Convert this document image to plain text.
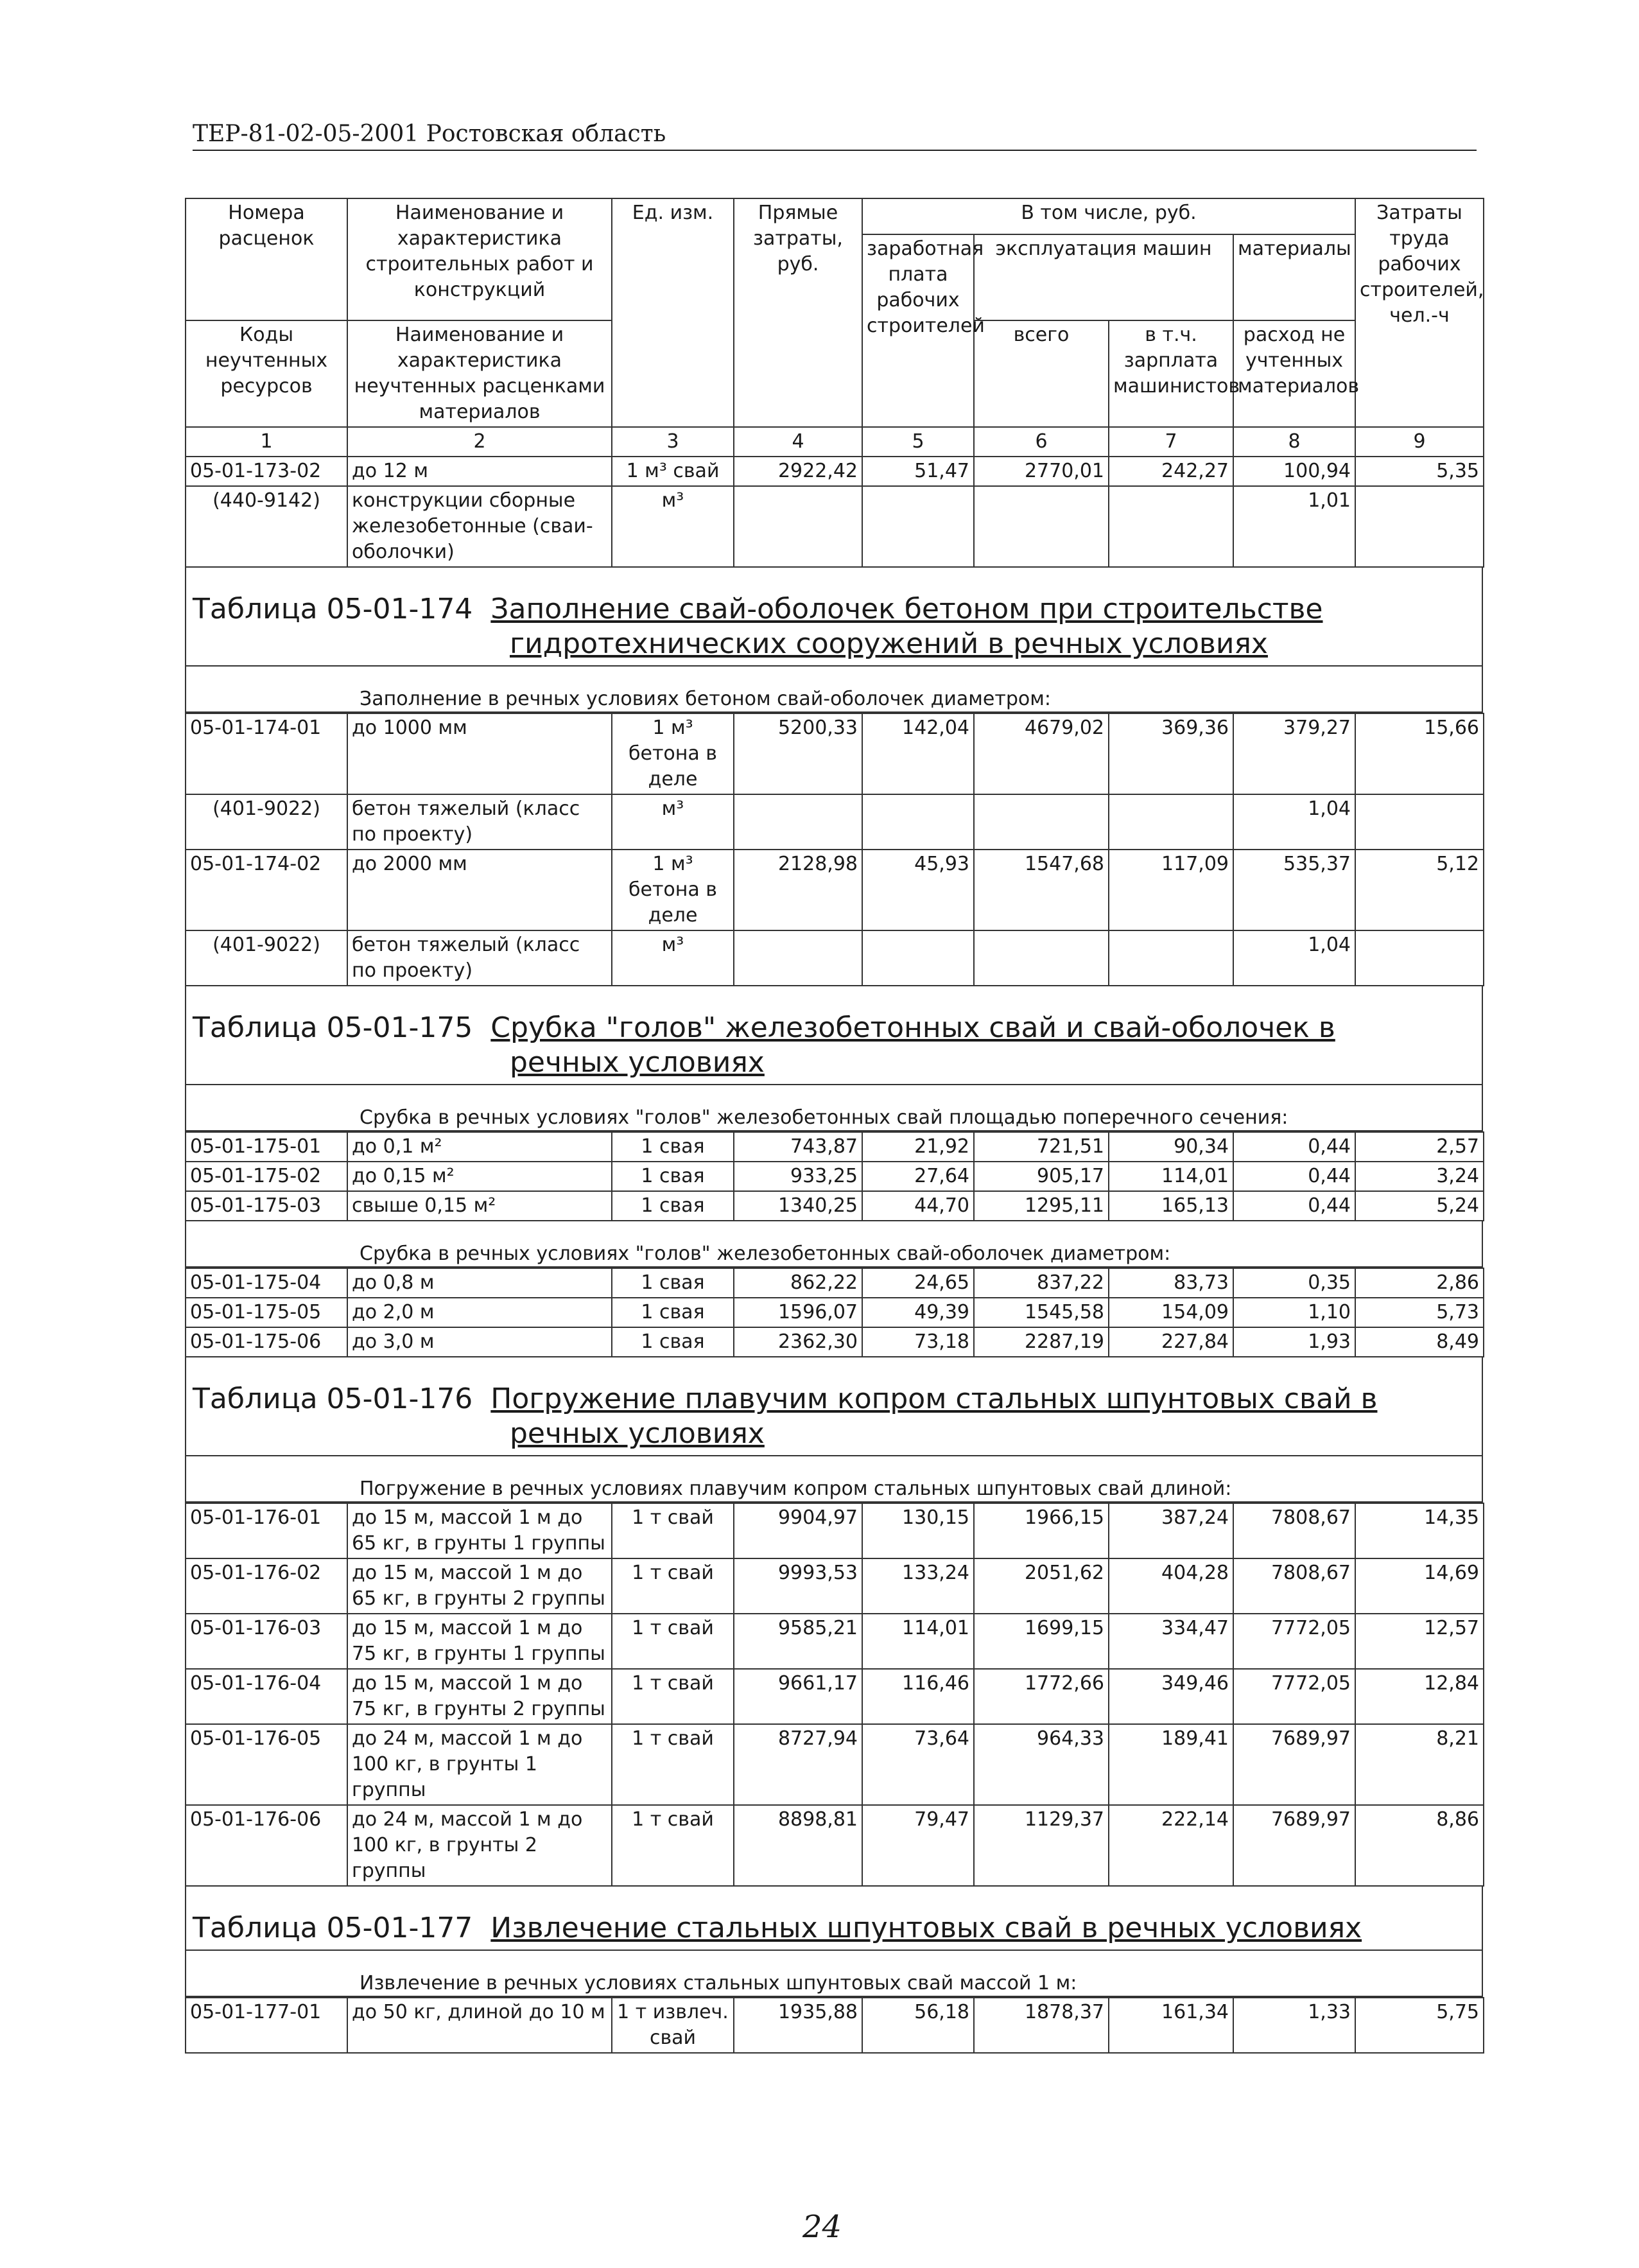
ТЕР-81-02-05-2001 Ростовская область
Номера расценок	Наименование и характеристика строительных работ и конструкций	Ед. изм.	Прямые затраты, руб.	В том числе, руб.				Затраты труда рабочих строителей, чел.-ч
				заработная плата рабочих строителей	эксплуатация машин		материалы	
Коды неучтенных ресурсов	Наименование и характеристика неучтенных расценками материалов				всего	в т.ч. зарплата машинистов	расход не учтенных материалов	

1	2	3	4	5	6	7	8	9
05-01-173-02	до 12 м	1 м³ свай	2922,42	51,47	2770,01	242,27	100,94	5,35
(440-9142)	конструкции сборные железобетонные (сваи-оболочки)	м³					1,01	
Таблица 05-01-174 Заполнение свай-оболочек бетоном при строительстве
гидротехнических сооружений в речных условиях
Заполнение в речных условиях бетоном свай-оболочек диаметром:
05-01-174-01	до 1000 мм	1 м³ бетона в деле	5200,33	142,04	4679,02	369,36	379,27	15,66
(401-9022)	бетон тяжелый (класс по проекту)	м³					1,04	
05-01-174-02	до 2000 мм	1 м³ бетона в деле	2128,98	45,93	1547,68	117,09	535,37	5,12
(401-9022)	бетон тяжелый (класс по проекту)	м³					1,04	
Таблица 05-01-175 Срубка "голов" железобетонных свай и свай-оболочек в
речных условиях
Срубка в речных условиях "голов" железобетонных свай площадью поперечного сечения:
05-01-175-01	до 0,1 м²	1 свая	743,87	21,92	721,51	90,34	0,44	2,57
05-01-175-02	до 0,15 м²	1 свая	933,25	27,64	905,17	114,01	0,44	3,24
05-01-175-03	свыше 0,15 м²	1 свая	1340,25	44,70	1295,11	165,13	0,44	5,24
Срубка в речных условиях "голов" железобетонных свай-оболочек диаметром:
05-01-175-04	до 0,8 м	1 свая	862,22	24,65	837,22	83,73	0,35	2,86
05-01-175-05	до 2,0 м	1 свая	1596,07	49,39	1545,58	154,09	1,10	5,73
05-01-175-06	до 3,0 м	1 свая	2362,30	73,18	2287,19	227,84	1,93	8,49
Таблица 05-01-176 Погружение плавучим копром стальных шпунтовых свай в
речных условиях
Погружение в речных условиях плавучим копром стальных шпунтовых свай длиной:
05-01-176-01	до 15 м, массой 1 м до 65 кг, в грунты 1 группы	1 т свай	9904,97	130,15	1966,15	387,24	7808,67	14,35
05-01-176-02	до 15 м, массой 1 м до 65 кг, в грунты 2 группы	1 т свай	9993,53	133,24	2051,62	404,28	7808,67	14,69
05-01-176-03	до 15 м, массой 1 м до 75 кг, в грунты 1 группы	1 т свай	9585,21	114,01	1699,15	334,47	7772,05	12,57
05-01-176-04	до 15 м, массой 1 м до 75 кг, в грунты 2 группы	1 т свай	9661,17	116,46	1772,66	349,46	7772,05	12,84
05-01-176-05	до 24 м, массой 1 м до 100 кг, в грунты 1 группы	1 т свай	8727,94	73,64	964,33	189,41	7689,97	8,21
05-01-176-06	до 24 м, массой 1 м до 100 кг, в грунты 2 группы	1 т свай	8898,81	79,47	1129,37	222,14	7689,97	8,86
Таблица 05-01-177 Извлечение стальных шпунтовых свай в речных условиях
Извлечение в речных условиях стальных шпунтовых свай массой 1 м:
05-01-177-01	до 50 кг, длиной до 10 м	1 т извлеч. свай	1935,88	56,18	1878,37	161,34	1,33	5,75
24
